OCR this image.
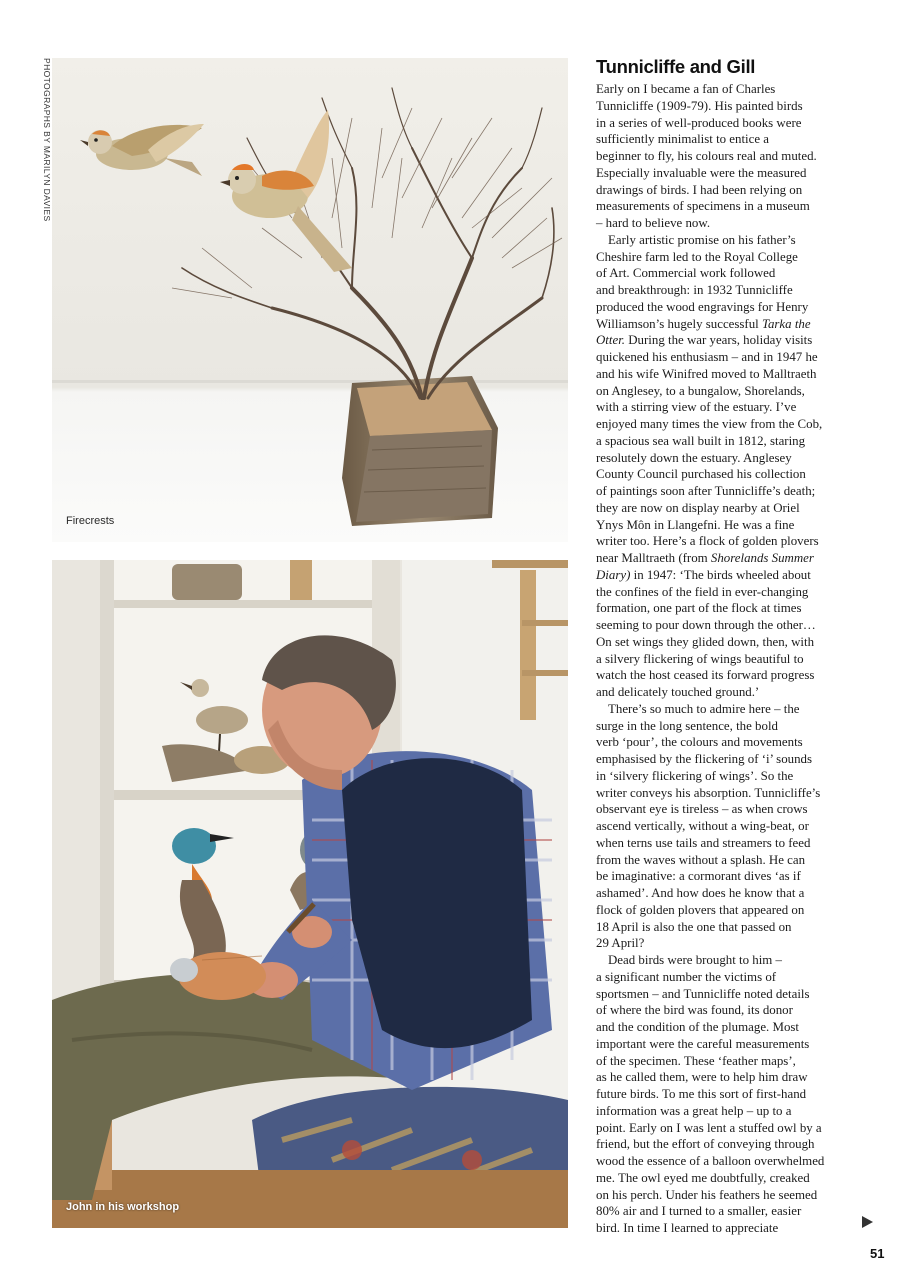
PHOTOGRAPHS BY MARILYN DAVIES
Firecrests
John in his workshop
Tunnicliffe and Gill
Early on I became a fan of Charles
Tunnicliffe (1909-79). His painted birds
in a series of well-produced books were
sufficiently minimalist to entice a
beginner to fly, his colours real and muted.
Especially invaluable were the measured
drawings of birds. I had been relying on
measurements of specimens in a museum
– hard to believe now.
Early artistic promise on his father’s
Cheshire farm led to the Royal College
of Art. Commercial work followed
and breakthrough: in 1932 Tunnicliffe
produced the wood engravings for Henry
Williamson’s hugely successful Tarka the
Otter. During the war years, holiday visits
quickened his enthusiasm – and in 1947 he
and his wife Winifred moved to Malltraeth
on Anglesey, to a bungalow, Shorelands,
with a stirring view of the estuary. I’ve
enjoyed many times the view from the Cob,
a spacious sea wall built in 1812, staring
resolutely down the estuary. Anglesey
County Council purchased his collection
of paintings soon after Tunnicliffe’s death;
they are now on display nearby at Oriel
Ynys Môn in Llangefni. He was a fine
writer too. Here’s a flock of golden plovers
near Malltraeth (from Shorelands Summer
Diary) in 1947: ‘The birds wheeled about
the confines of the field in ever-changing
formation, one part of the flock at times
seeming to pour down through the other…
On set wings they glided down, then, with
a silvery flickering of wings beautiful to
watch the host ceased its forward progress
and delicately touched ground.’
There’s so much to admire here – the
surge in the long sentence, the bold
verb ‘pour’, the colours and movements
emphasised by the flickering of ‘i’ sounds
in ‘silvery flickering of wings’. So the
writer conveys his absorption. Tunnicliffe’s
observant eye is tireless – as when crows
ascend vertically, without a wing-beat, or
when terns use tails and streamers to feed
from the waves without a splash. He can
be imaginative: a cormorant dives ‘as if
ashamed’. And how does he know that a
flock of golden plovers that appeared on
18 April is also the one that passed on
29 April?
Dead birds were brought to him –
a significant number the victims of
sportsmen – and Tunnicliffe noted details
of where the bird was found, its donor
and the condition of the plumage. Most
important were the careful measurements
of the specimen. These ‘feather maps’,
as he called them, were to help him draw
future birds. To me this sort of first-hand
information was a great help – up to a
point. Early on I was lent a stuffed owl by a
friend, but the effort of conveying through
wood the essence of a balloon overwhelmed
me. The owl eyed me doubtfully, creaked
on his perch. Under his feathers he seemed
80% air and I turned to a smaller, easier
bird. In time I learned to appreciate
51
